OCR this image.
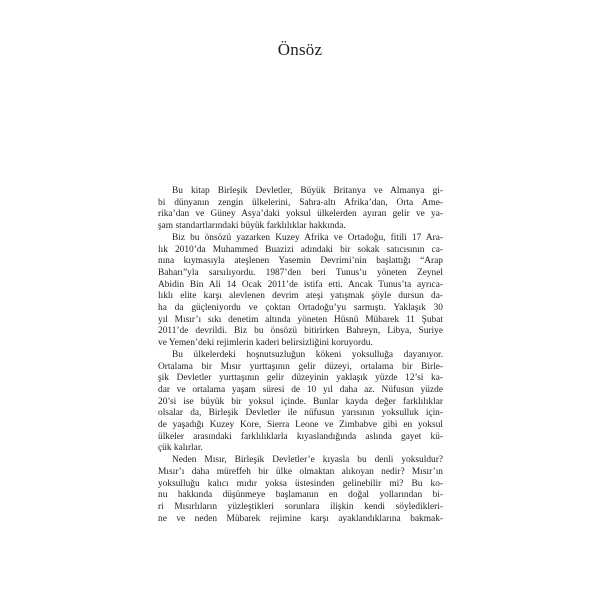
Önsöz

Bu kitap Birleşik Devletler, Büyük Britanya ve Almanya gi-
bi dünyanın zengin ülkelerini, Sahra-altı Afrika’dan, Orta Ame-
rika’dan ve Güney Asya’daki yoksul ülkelerden ayıran gelir ve ya-
şam standartlarındaki büyük farklılıklar hakkında.

Biz bu önsözü yazarken Kuzey Afrika ve Ortadoğu, fitili 17 Ara-
lık 2010’da Muhammed Buazizi adındaki bir sokak satıcısının ca-
nına kıymasıyla ateşlenen Yasemin Devrimi’nin başlattığı “Arap
Baharı”yla sarsılıyordu. 1987’den beri Tunus’u yöneten Zeynel
Abidin Bin Ali 14 Ocak 2011’de istifa etti. Ancak Tunus’ta ayrıca-
lıklı elite karşı alevlenen devrim ateşi yatışmak şöyle dursun da-
ha da güçleniyordu ve çoktan Ortadoğu’yu sarmıştı. Yaklaşık 30
yıl Mısır’ı sıkı denetim altında yöneten Hüsnü Mübarek 11 Şubat
2011’de devrildi. Biz bu önsözü bitirirken Bahreyn, Libya, Suriye
ve Yemen’deki rejimlerin kaderi belirsizliğini koruyordu.

Bu ülkelerdeki hoşnutsuzluğun kökeni yoksulluğa dayanıyor.
Ortalama bir Mısır yurttaşının gelir düzeyi, ortalama bir Birle-
şik Devletler yurttaşının gelir düzeyinin yaklaşık yüzde 12’si ka-
dar ve ortalama yaşam süresi de 10 yıl daha az. Nüfusun yüzde
20’si ise büyük bir yoksul içinde. Bunlar kayda değer farklılıklar
olsalar da, Birleşik Devletler ile nüfusun yarısının yoksulluk için-
de yaşadığı Kuzey Kore, Sierra Leone ve Zimbabve gibi en yoksul
ülkeler arasındaki farklılıklarla kıyaslandığında aslında gayet kü-
çük kalırlar.

Neden Mısır, Birleşik Devletler’e kıyasla bu denli yoksuldur?
Mısır’ı daha müreffeh bir ülke olmaktan alıkoyan nedir? Mısır’ın
yoksulluğu kalıcı mıdır yoksa üstesinden gelinebilir mi? Bu ko-
nu hakkında düşünmeye başlamanın en doğal yollarından bi-
ri Mısırlıların yüzleştikleri sorunlara ilişkin kendi söyledikleri-
ne ve neden Mübarek rejimine karşı ayaklandıklarına bakmak-
